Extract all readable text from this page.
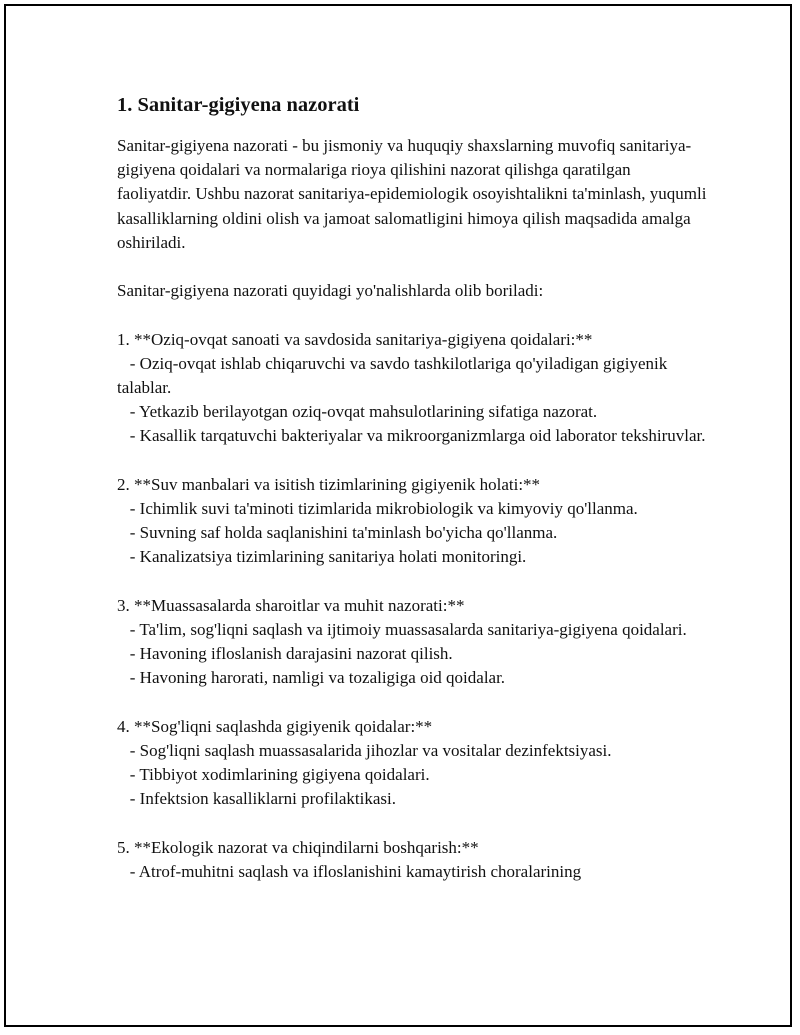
1. Sanitar-gigiyena nazorati

Sanitar-gigiyena nazorati - bu jismoniy va huquqiy shaxslarning muvofiq sanitariya-gigiyena qoidalari va normalariga rioya qilishini nazorat qilishga qaratilgan faoliyatdir. Ushbu nazorat sanitariya-epidemiologik osoyishtalikni ta'minlash, yuqumli kasalliklarning oldini olish va jamoat salomatligini himoya qilish maqsadida amalga oshiriladi.

Sanitar-gigiyena nazorati quyidagi yo'nalishlarda olib boriladi:

1. **Oziq-ovqat sanoati va savdosida sanitariya-gigiyena qoidalari:**

- Oziq-ovqat ishlab chiqaruvchi va savdo tashkilotlariga qo'yiladigan gigiyenik talablar.

- Yetkazib berilayotgan oziq-ovqat mahsulotlarining sifatiga nazorat.

- Kasallik tarqatuvchi bakteriyalar va mikroorganizmlarga oid laborator tekshiruvlar.

2. **Suv manbalari va isitish tizimlarining gigiyenik holati:**

- Ichimlik suvi ta'minoti tizimlarida mikrobiologik va kimyoviy qo'llanma.

- Suvning saf holda saqlanishini ta'minlash bo'yicha qo'llanma.

- Kanalizatsiya tizimlarining sanitariya holati monitoringi.

3. **Muassasalarda sharoitlar va muhit nazorati:**

- Ta'lim, sog'liqni saqlash va ijtimoiy muassasalarda sanitariya-gigiyena qoidalari.

- Havoning ifloslanish darajasini nazorat qilish.

- Havoning harorati, namligi va tozaligiga oid qoidalar.

4. **Sog'liqni saqlashda gigiyenik qoidalar:**

- Sog'liqni saqlash muassasalarida jihozlar va vositalar dezinfektsiyasi.

- Tibbiyot xodimlarining gigiyena qoidalari.

- Infektsion kasalliklarni profilaktikasi.

5. **Ekologik nazorat va chiqindilarni boshqarish:**

- Atrof-muhitni saqlash va ifloslanishini kamaytirish choralarining
